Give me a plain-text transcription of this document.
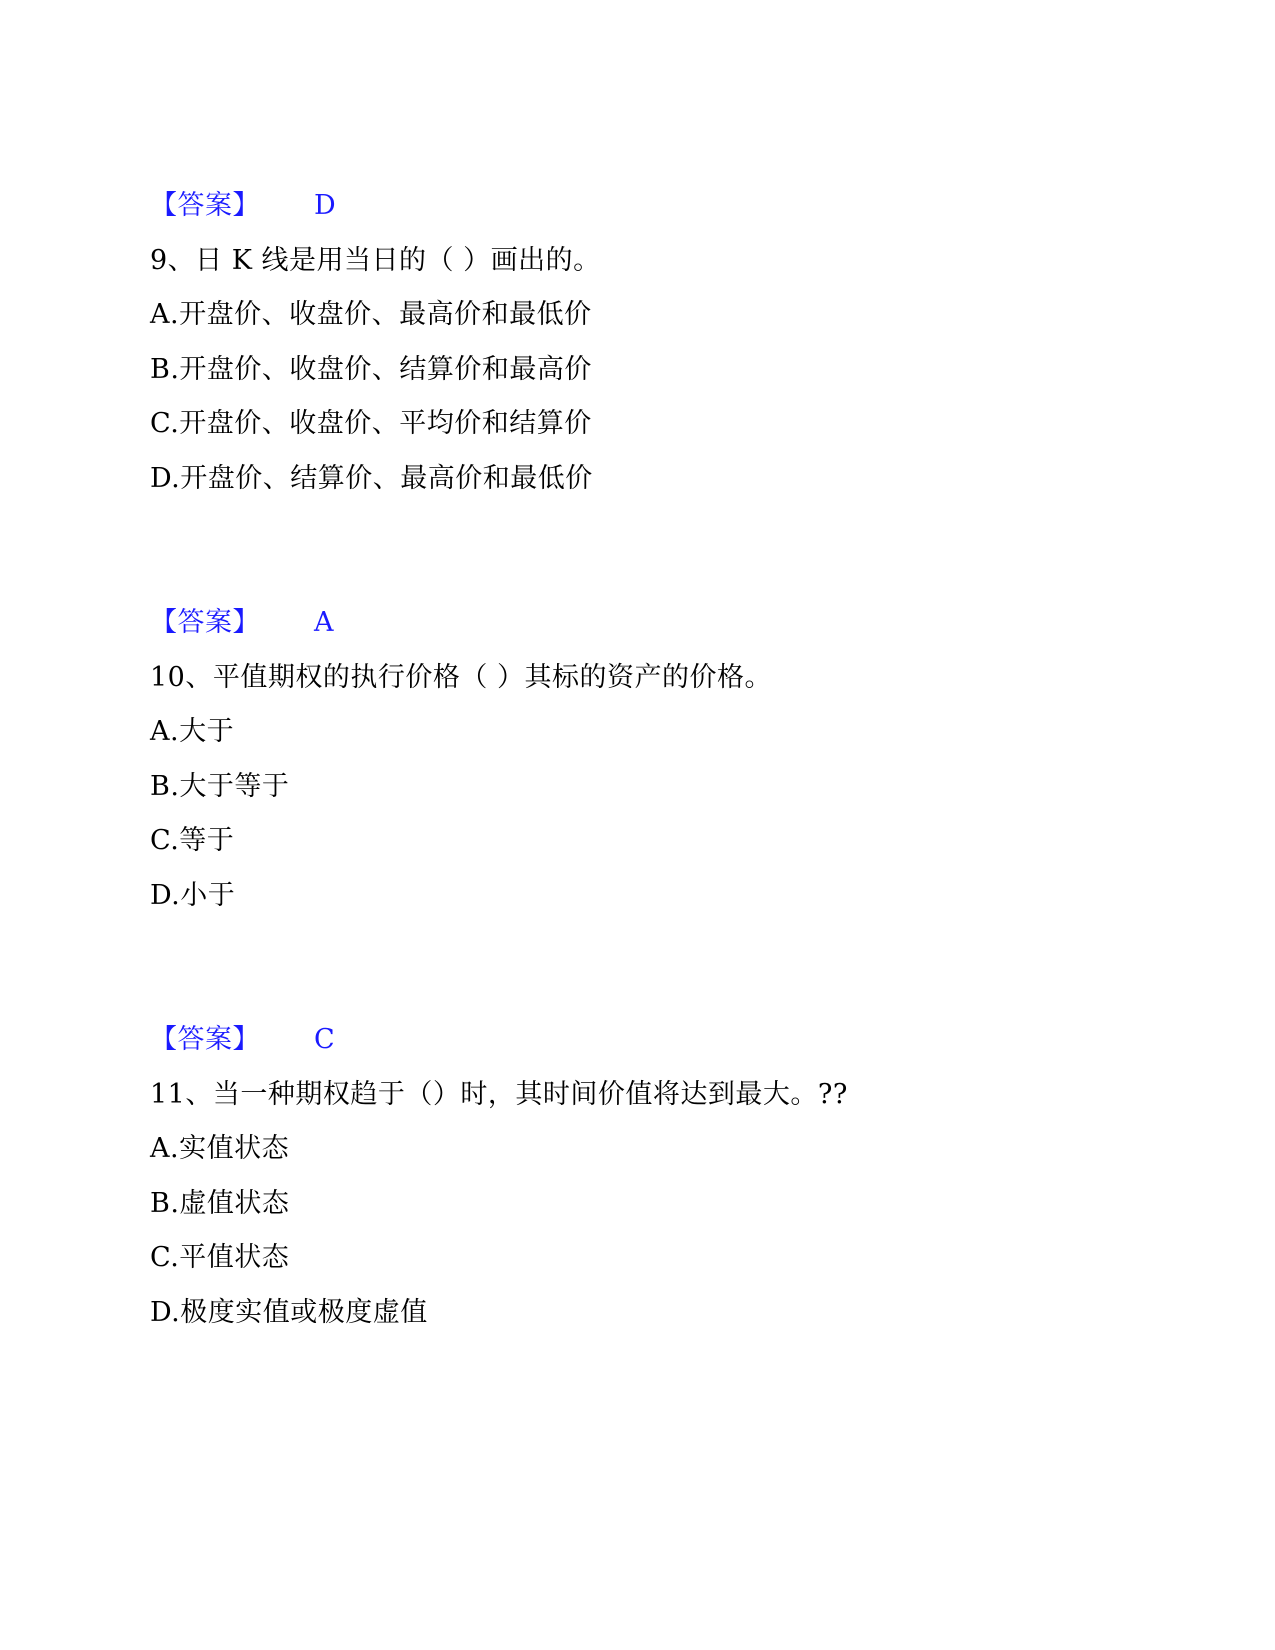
【答案】 D
9、日 K 线是用当日的（ ）画出的。
A.开盘价、收盘价、最高价和最低价
B.开盘价、收盘价、结算价和最高价
C.开盘价、收盘价、平均价和结算价
D.开盘价、结算价、最高价和最低价
【答案】 A
10、平值期权的执行价格（ ）其标的资产的价格。
A.大于
B.大于等于
C.等于
D.小于
【答案】 C
11、当一种期权趋于（）时，其时间价值将达到最大。??
A.实值状态
B.虚值状态
C.平值状态
D.极度实值或极度虚值
